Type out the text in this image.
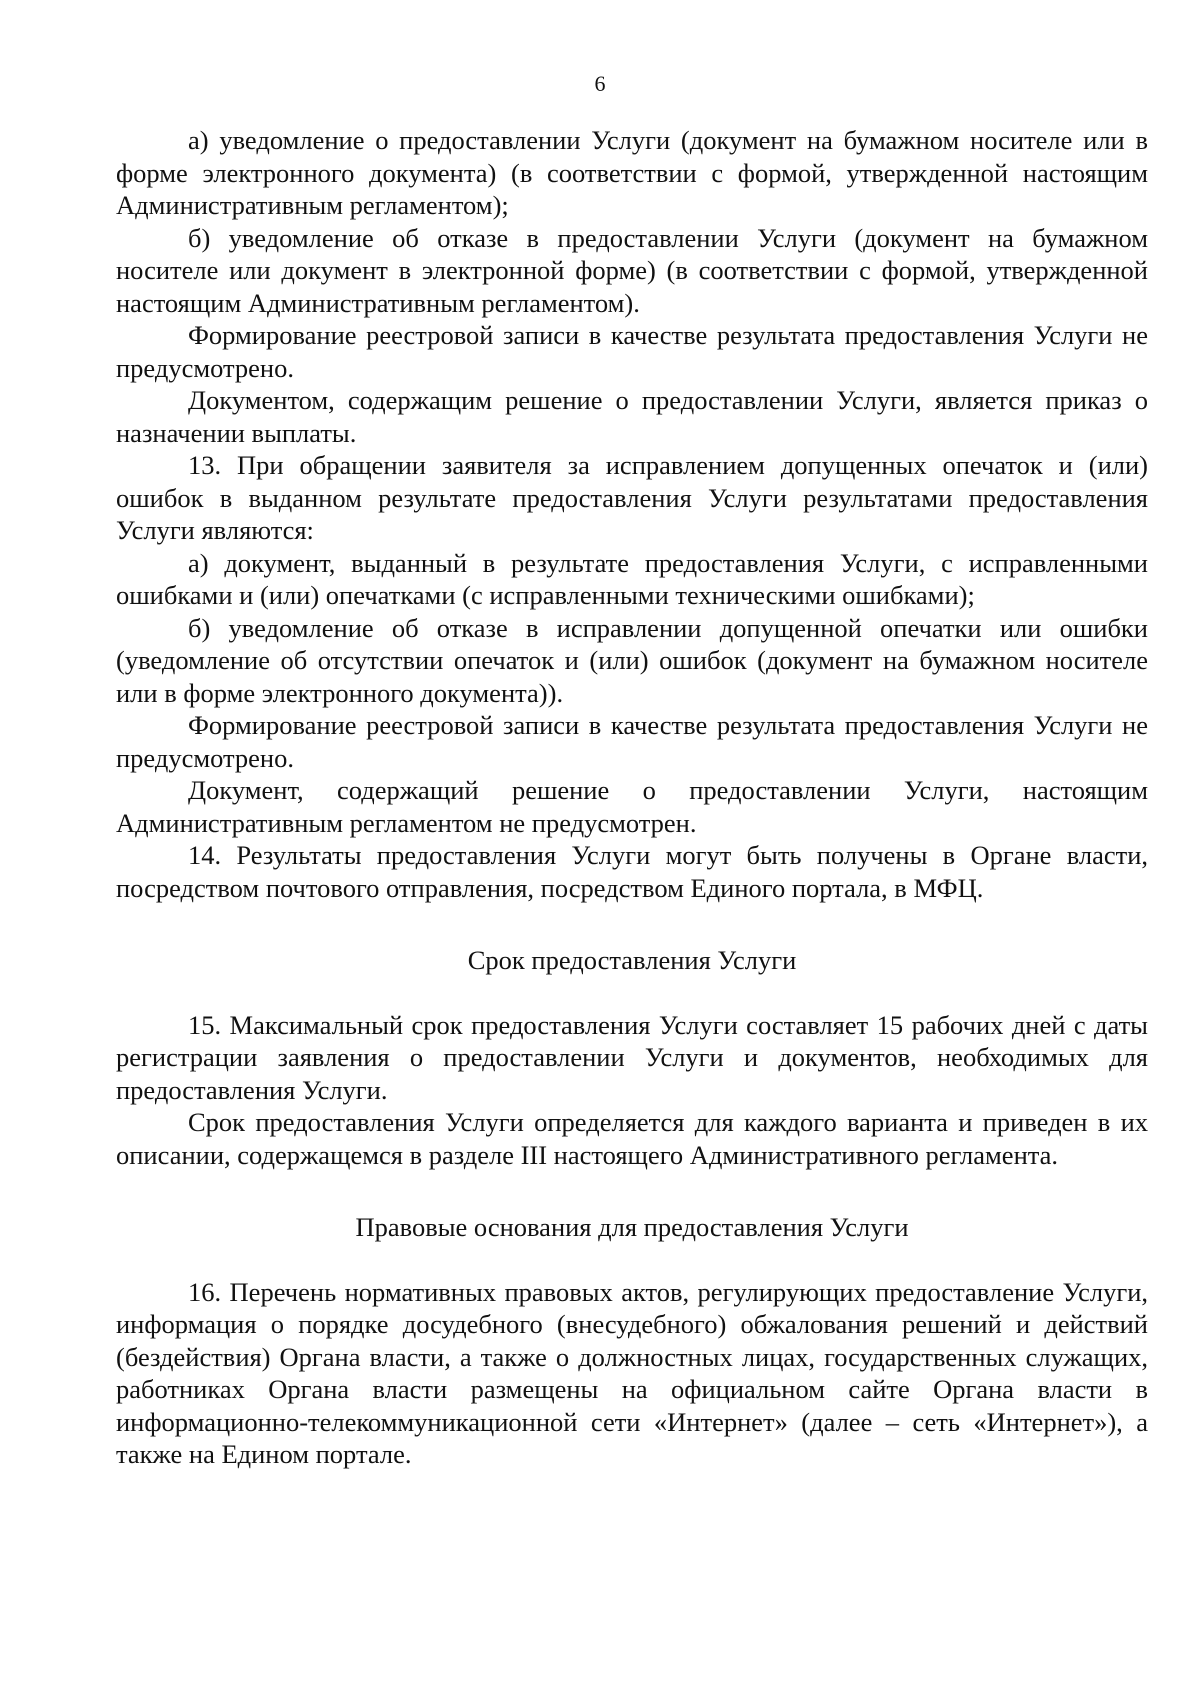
6

а) уведомление о предоставлении Услуги (документ на бумажном носителе или в форме электронного документа) (в соответствии с формой, утвержденной настоящим Административным регламентом);

б) уведомление об отказе в предоставлении Услуги (документ на бумажном носителе или документ в электронной форме) (в соответствии с формой, утвержденной настоящим Административным регламентом).

Формирование реестровой записи в качестве результата предоставления Услуги не предусмотрено.

Документом, содержащим решение о предоставлении Услуги, является приказ о назначении выплаты.

13. При обращении заявителя за исправлением допущенных опечаток и (или) ошибок в выданном результате предоставления Услуги результатами предоставления Услуги являются:

а) документ, выданный в результате предоставления Услуги, с исправленными ошибками и (или) опечатками (с исправленными техническими ошибками);

б) уведомление об отказе в исправлении допущенной опечатки или ошибки (уведомление об отсутствии опечаток и (или) ошибок (документ на бумажном носителе или в форме электронного документа)).

Формирование реестровой записи в качестве результата предоставления Услуги не предусмотрено.

Документ, содержащий решение о предоставлении Услуги, настоящим Административным регламентом не предусмотрен.

14. Результаты предоставления Услуги могут быть получены в Органе власти, посредством почтового отправления, посредством Единого портала, в МФЦ.

Срок предоставления Услуги

15. Максимальный срок предоставления Услуги составляет 15 рабочих дней с даты регистрации заявления о предоставлении Услуги и документов, необходимых для предоставления Услуги.

Срок предоставления Услуги определяется для каждого варианта и приведен в их описании, содержащемся в разделе III настоящего Административного регламента.

Правовые основания для предоставления Услуги

16. Перечень нормативных правовых актов, регулирующих предоставление Услуги, информация о порядке досудебного (внесудебного) обжалования решений и действий (бездействия) Органа власти, а также о должностных лицах, государственных служащих, работниках Органа власти размещены на официальном сайте Органа власти в информационно-телекоммуникационной сети «Интернет» (далее – сеть «Интернет»), а также на Едином портале.
